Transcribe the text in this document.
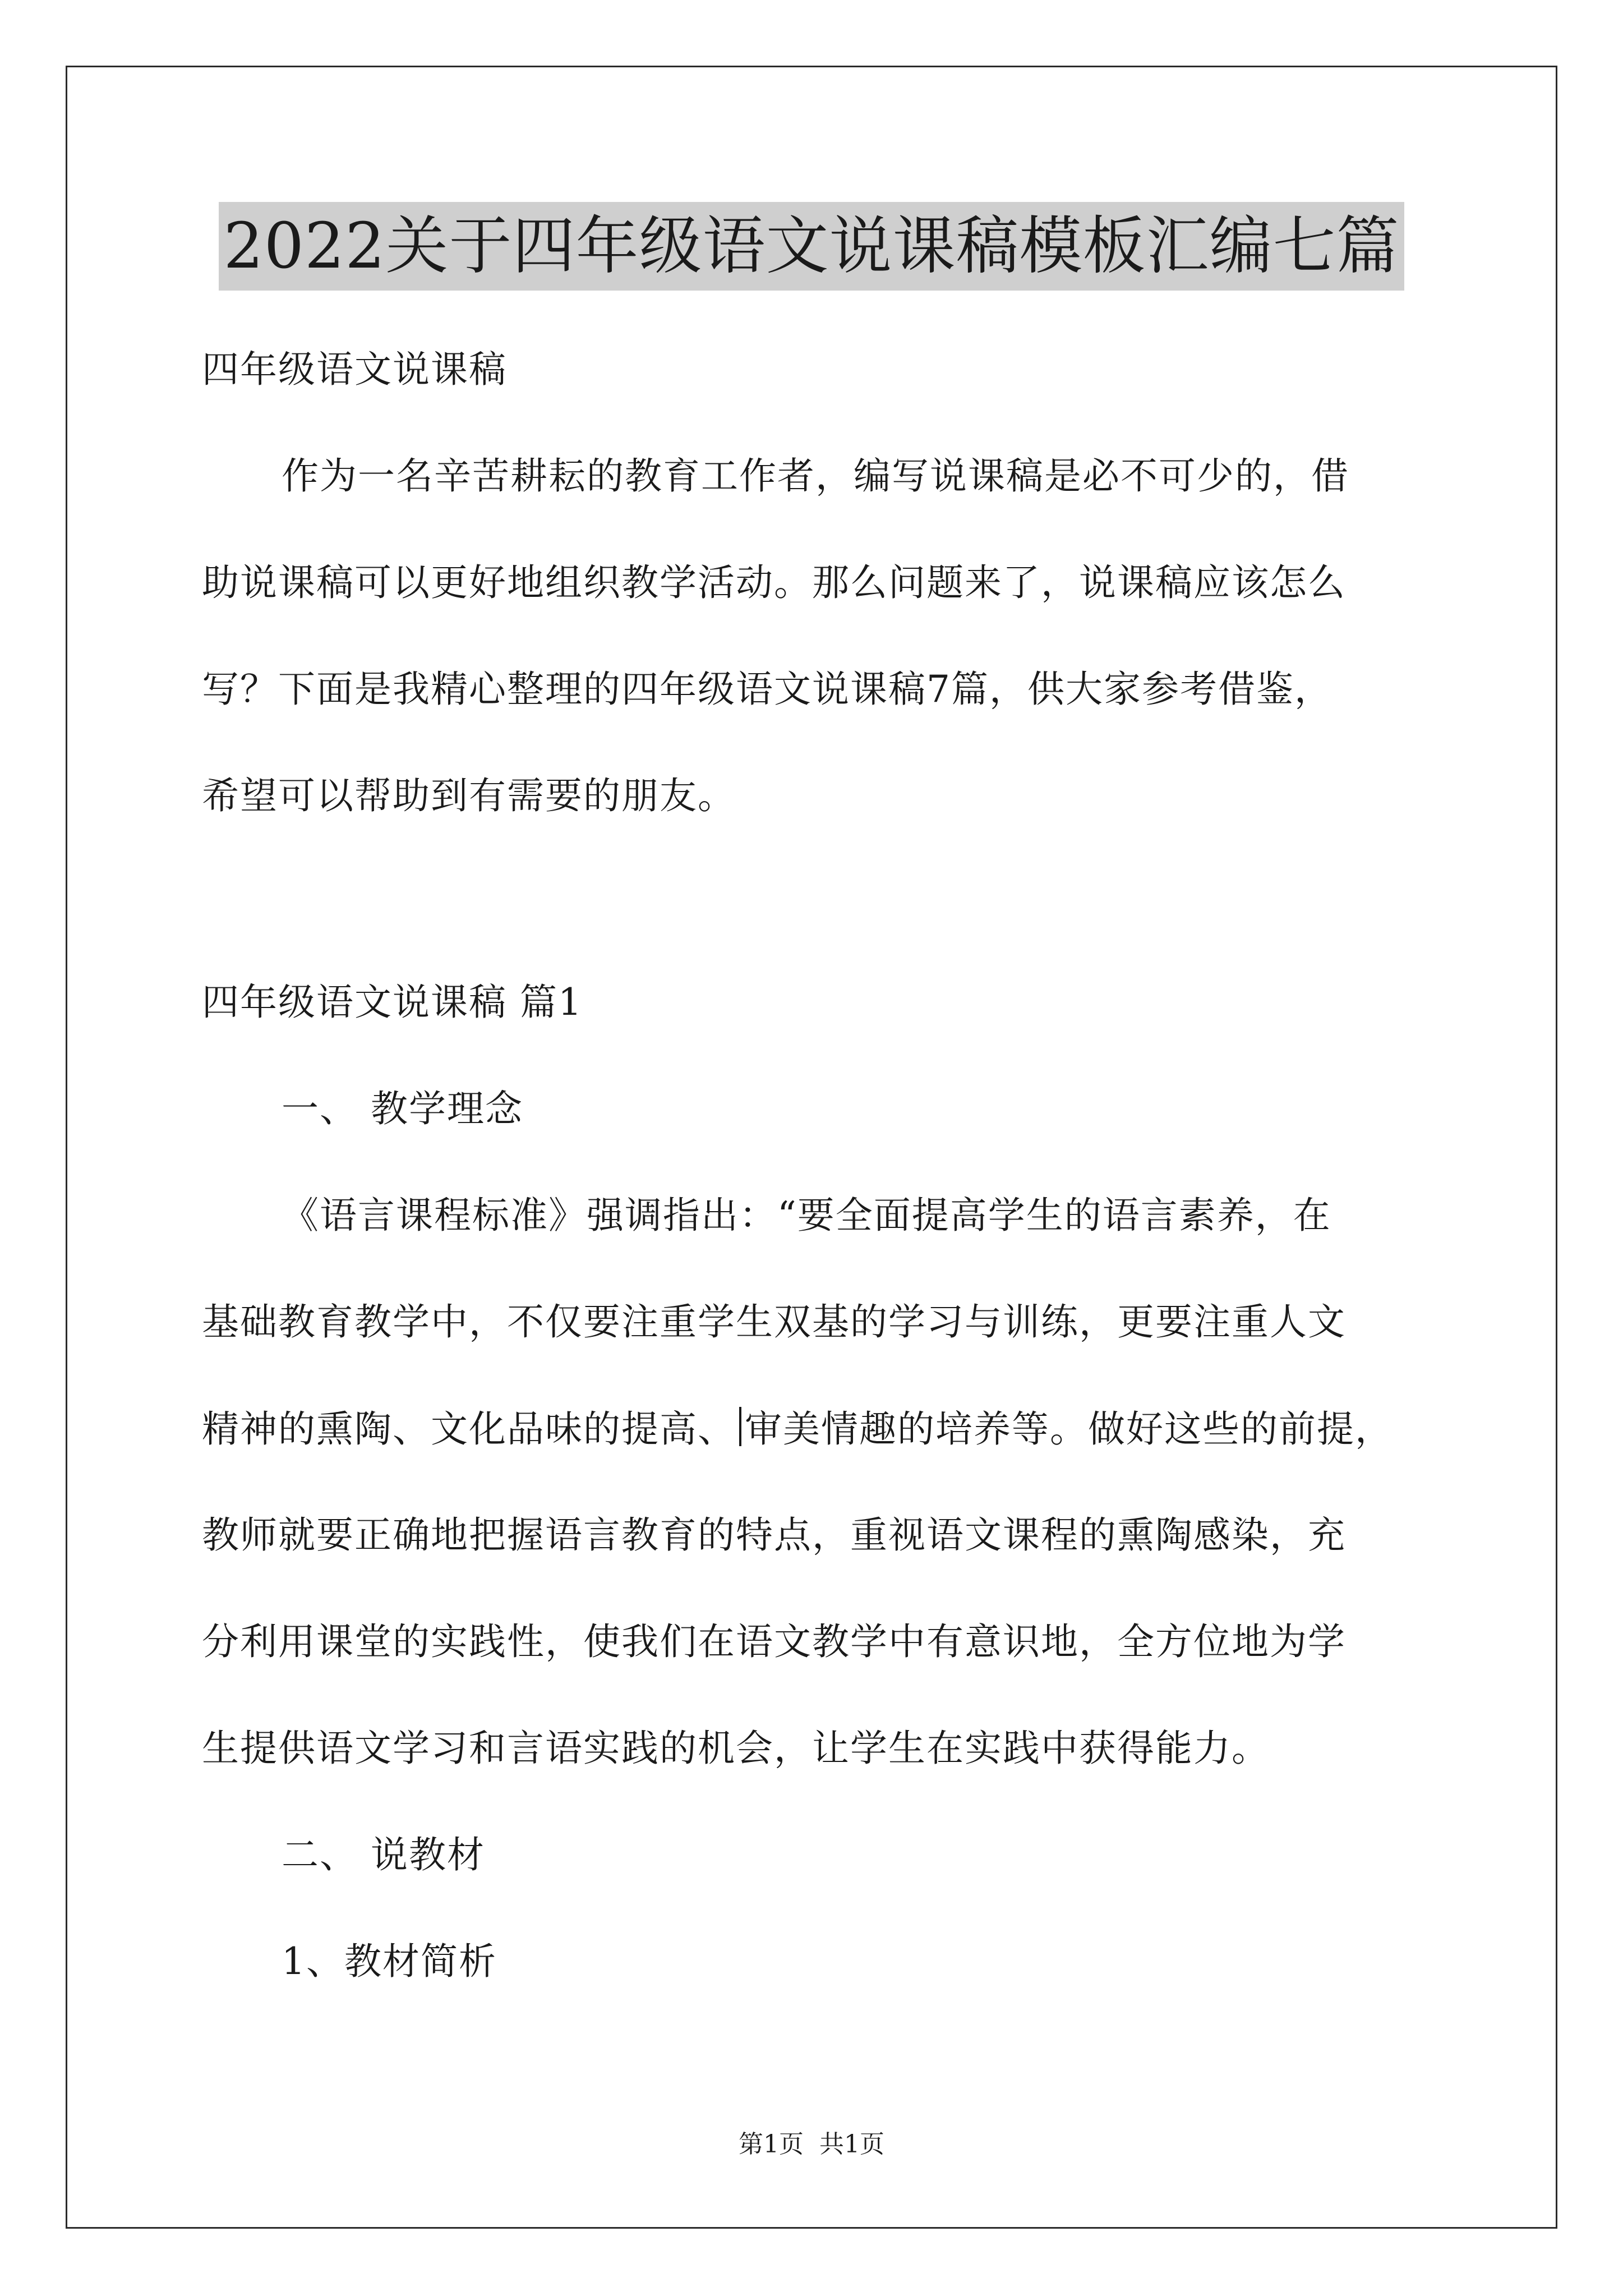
2022关于四年级语文说课稿模板汇编七篇
四年级语文说课稿
作为一名辛苦耕耘的教育工作者，编写说课稿是必不可少的，借
助说课稿可以更好地组织教学活动。那么问题来了，说课稿应该怎么
写？下面是我精心整理的四年级语文说课稿7篇，供大家参考借鉴，
希望可以帮助到有需要的朋友。
四年级语文说课稿 篇1
一、 教学理念
《语言课程标准》强调指出：“要全面提高学生的语言素养，在
基础教育教学中，不仅要注重学生双基的学习与训练，更要注重人文
精神的熏陶、文化品味的提高、 审美情趣的培养等。做好这些的前提，
教师就要正确地把握语言教育的特点，重视语文课程的熏陶感染，充
分利用课堂的实践性，使我们在语文教学中有意识地，全方位地为学
生提供语文学习和言语实践的机会，让学生在实践中获得能力。
二、 说教材
1、教材简析
第1页 共1页
